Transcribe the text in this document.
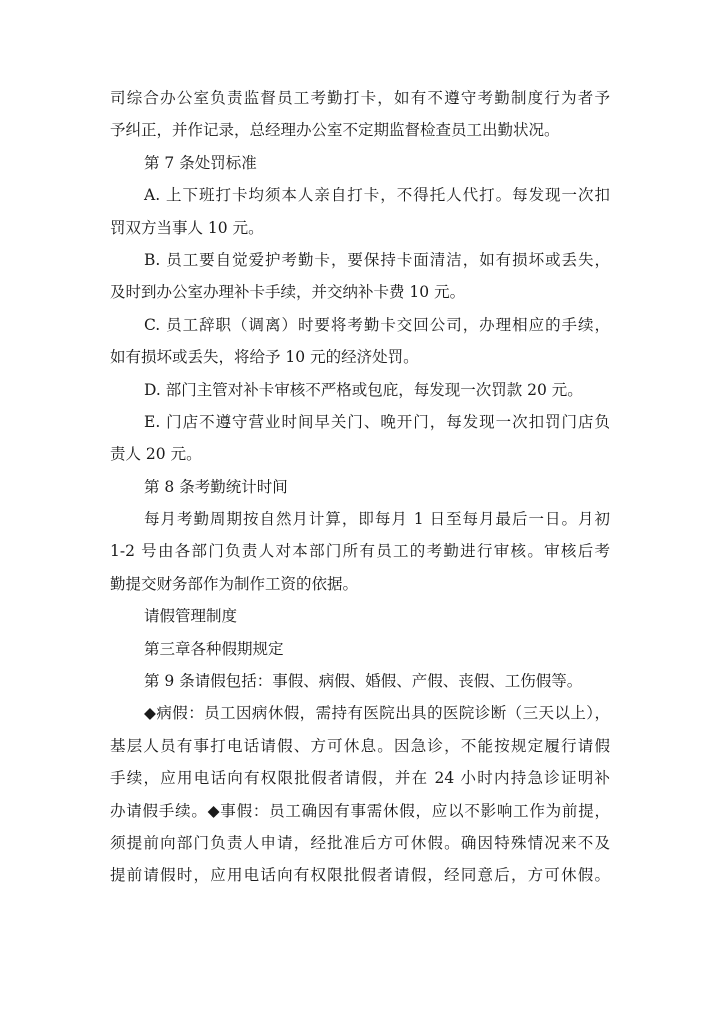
司综合办公室负责监督员工考勤打卡，如有不遵守考勤制度行为者予
予纠正，并作记录，总经理办公室不定期监督检查员工出勤状况。
第 7 条处罚标准
A. 上下班打卡均须本人亲自打卡，不得托人代打。每发现一次扣
罚双方当事人 10 元。
B. 员工要自觉爱护考勤卡，要保持卡面清洁，如有损坏或丢失，
及时到办公室办理补卡手续，并交纳补卡费 10 元。
C. 员工辞职（调离）时要将考勤卡交回公司，办理相应的手续，
如有损坏或丢失，将给予 10 元的经济处罚。
D. 部门主管对补卡审核不严格或包庇，每发现一次罚款 20 元。
E. 门店不遵守营业时间早关门、晚开门，每发现一次扣罚门店负
责人 20 元。
第 8 条考勤统计时间
每月考勤周期按自然月计算，即每月 1 日至每月最后一日。月初
1-2 号由各部门负责人对本部门所有员工的考勤进行审核。审核后考
勤提交财务部作为制作工资的依据。
请假管理制度
第三章各种假期规定
第 9 条请假包括：事假、病假、婚假、产假、丧假、工伤假等。
◆病假：员工因病休假，需持有医院出具的医院诊断（三天以上），
基层人员有事打电话请假、方可休息。因急诊，不能按规定履行请假
手续，应用电话向有权限批假者请假，并在 24 小时内持急诊证明补
办请假手续。◆事假：员工确因有事需休假，应以不影响工作为前提，
须提前向部门负责人申请，经批准后方可休假。确因特殊情况来不及
提前请假时，应用电话向有权限批假者请假，经同意后，方可休假。
